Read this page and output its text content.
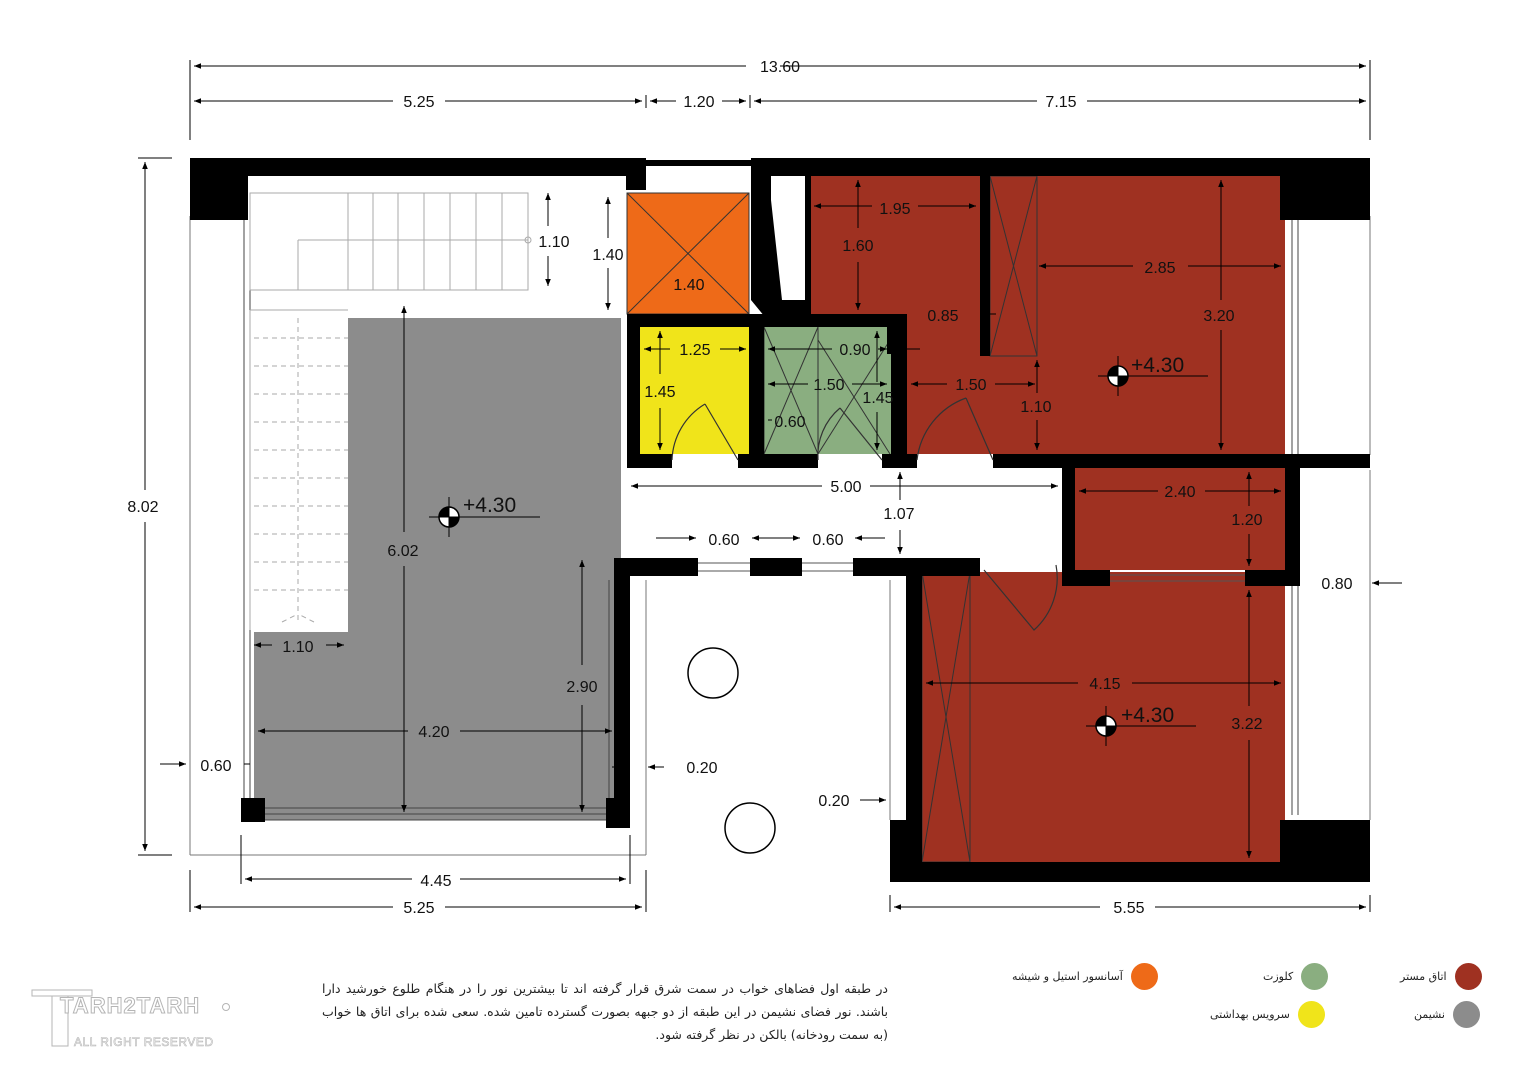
13.60
5.25	1.20	7.15
8.02
1.10
1.40
1.40
1.25
1.45
0.90
1.50
1.45
0.60
1.95
1.60
0.85
1.50
2.85
3.20
1.10
5.00
1.07
2.40
1.20
0.60	0.60
0.80
4.15
3.22
6.02
4.20
2.90
1.10
0.60	0.20
0.20
4.45
5.25	5.55
+4.30
+4.30
+4.30
TARH2TARH
ALL RIGHT RESERVED
در طبقه اول فضاهای خواب در سمت شرق قرار گرفته اند تا بیشترین نور را در هنگام طلوع خورشید دارا باشند. نور فضای نشیمن در این طبقه از دو جبهه بصورت گسترده تامین شده. سعی شده برای اتاق ها خواب (به سمت رودخانه) بالکن در نظر گرفته شود.
اتاق مستر
کلوزت
آسانسور استیل و شیشه
نشیمن
سرویس بهداشتی
